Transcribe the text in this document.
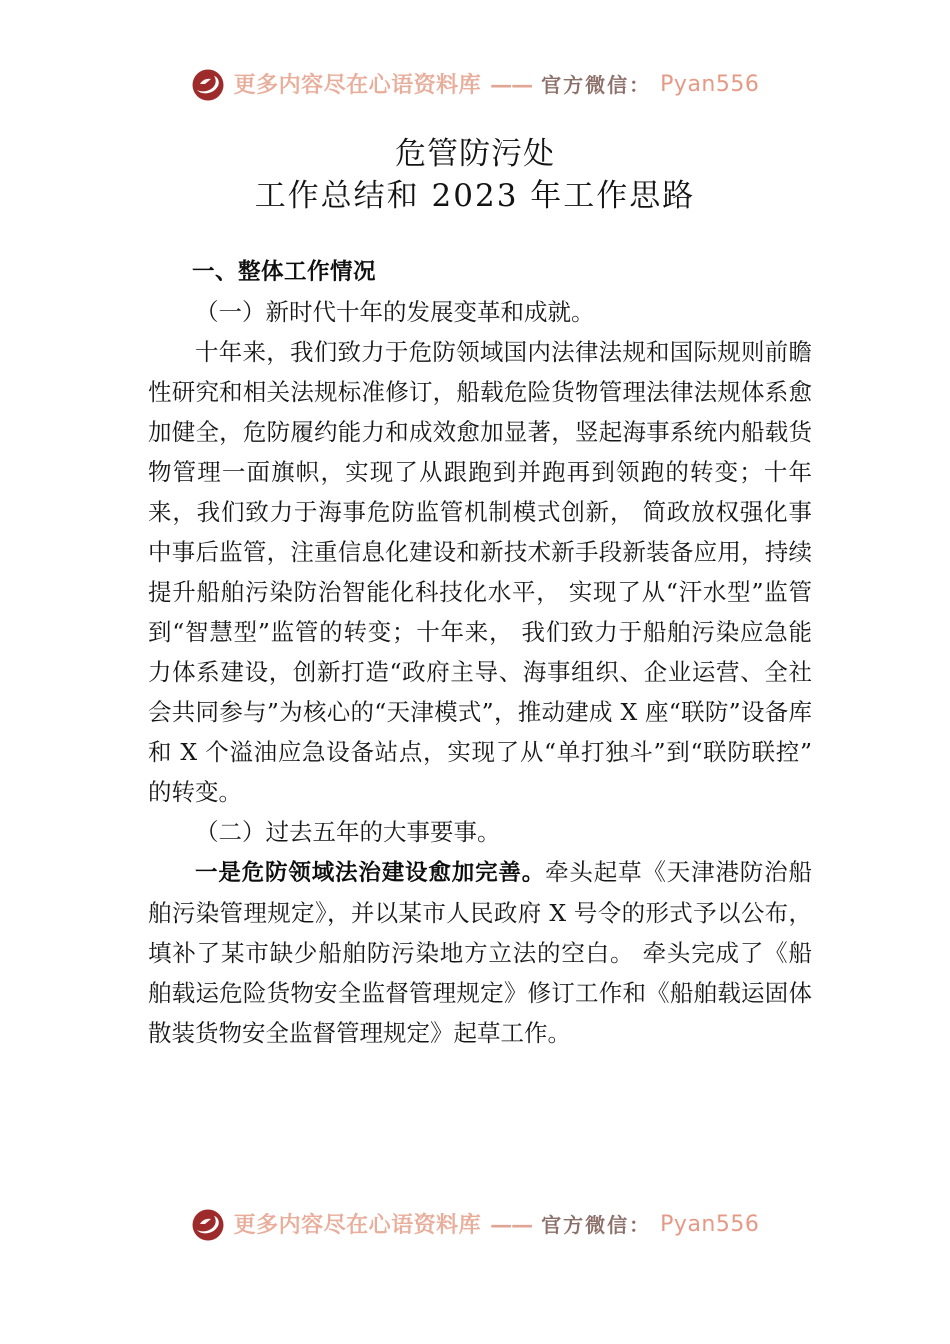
更多内容尽在心语资料库 —— 官方微信： Pyan556
危管防污处
工作总结和 2023 年工作思路
一、整体工作情况

（一）新时代十年的发展变革和成就。

十年来，我们致力于危防领域国内法律法规和国际规则前瞻性研究和相关法规标准修订，船载危险货物管理法律法规体系愈加健全，危防履约能力和成效愈加显著，竖起海事系统内船载货物管理一面旗帜，实现了从跟跑到并跑再到领跑的转变；十年来，我们致力于海事危防监管机制模式创新， 简政放权强化事中事后监管，注重信息化建设和新技术新手段新装备应用，持续提升船舶污染防治智能化科技化水平， 实现了从“汗水型”监管到“智慧型”监管的转变；十年来， 我们致力于船舶污染应急能力体系建设，创新打造“政府主导、海事组织、企业运营、全社会共同参与”为核心的“天津模式”，推动建成 X 座“联防”设备库和 X 个溢油应急设备站点，实现了从“单打独斗”到“联防联控”的转变。

（二）过去五年的大事要事。

一是危防领域法治建设愈加完善。牵头起草《天津港防治船舶污染管理规定》，并以某市人民政府 X 号令的形式予以公布，填补了某市缺少船舶防污染地方立法的空白。 牵头完成了《船舶载运危险货物安全监督管理规定》修订工作和《船舶载运固体散装货物安全监督管理规定》起草工作。

更多内容尽在心语资料库 —— 官方微信： Pyan556
